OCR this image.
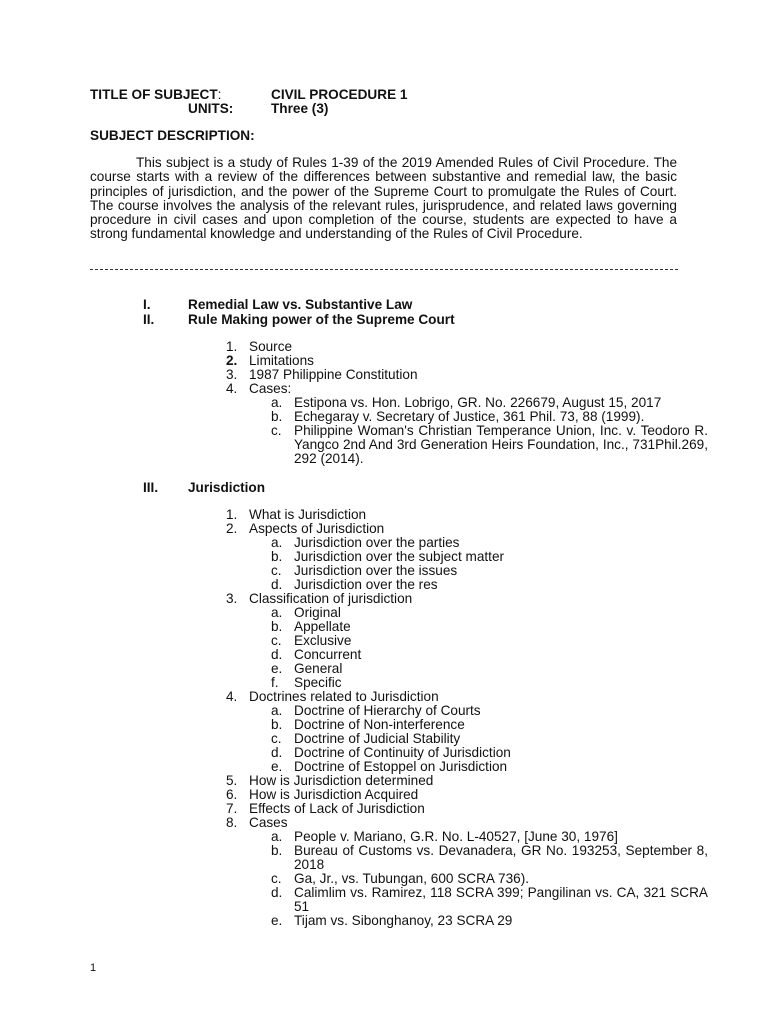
TITLE OF SUBJECT:	CIVIL PROCEDURE 1
UNITS:	Three (3)
SUBJECT DESCRIPTION:
This subject is a study of Rules 1-39 of the 2019 Amended Rules of Civil Procedure. The course starts with a review of the differences between substantive and remedial law, the basic principles of jurisdiction, and the power of the Supreme Court to promulgate the Rules of Court. The course involves the analysis of the relevant rules, jurisprudence, and related laws governing procedure in civil cases and upon completion of the course, students are expected to have a strong fundamental knowledge and understanding of the Rules of Civil Procedure.
I.	Remedial Law vs. Substantive Law
II. Rule Making power of the Supreme Court
1. Source
2. Limitations
3. 1987 Philippine Constitution
4. Cases:
a. Estipona vs. Hon. Lobrigo, GR. No. 226679, August 15, 2017
b. Echegaray v. Secretary of Justice, 361 Phil. 73, 88 (1999).
c. Philippine Woman's Christian Temperance Union, Inc. v. Teodoro R. Yangco 2nd And 3rd Generation Heirs Foundation, Inc., 731Phil.269, 292 (2014).
III. Jurisdiction
1. What is Jurisdiction
2. Aspects of Jurisdiction
a. Jurisdiction over the parties
b. Jurisdiction over the subject matter
c. Jurisdiction over the issues
d. Jurisdiction over the res
3. Classification of jurisdiction
a. Original
b. Appellate
c. Exclusive
d. Concurrent
e. General
f. Specific
4. Doctrines related to Jurisdiction
a. Doctrine of Hierarchy of Courts
b. Doctrine of Non-interference
c. Doctrine of Judicial Stability
d. Doctrine of Continuity of Jurisdiction
e. Doctrine of Estoppel on Jurisdiction
5. How is Jurisdiction determined
6. How is Jurisdiction Acquired
7. Effects of Lack of Jurisdiction
8. Cases
a. People v. Mariano, G.R. No. L-40527, [June 30, 1976]
b. Bureau of Customs vs. Devanadera, GR No. 193253, September 8, 2018
c. Ga, Jr., vs. Tubungan, 600 SCRA 736).
d. Calimlim vs. Ramirez, 118 SCRA 399; Pangilinan vs. CA, 321 SCRA 51
e. Tijam vs. Sibonghanoy, 23 SCRA 29
1
